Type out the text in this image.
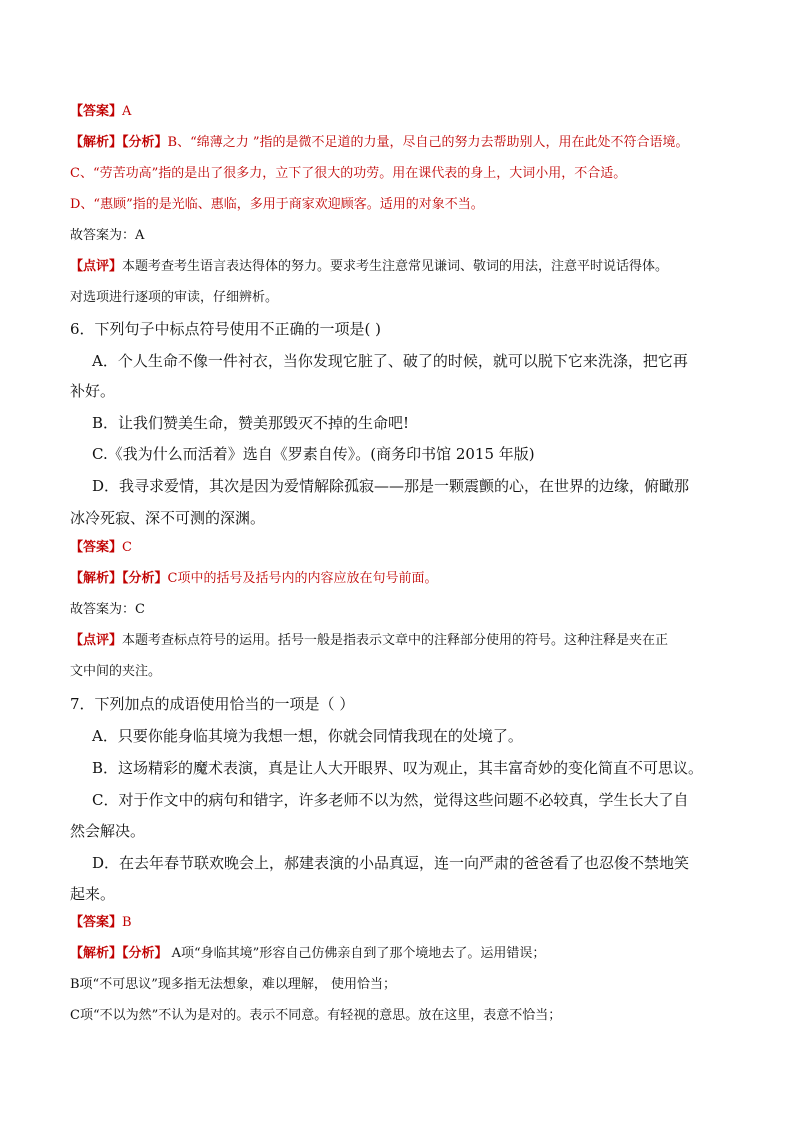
【答案】A
【解析】【分析】B、“绵薄之力 ”指的是微不足道的力量，尽自己的努力去帮助别人，用在此处不符合语境。
C、“劳苦功高”指的是出了很多力，立下了很大的功劳。用在课代表的身上，大词小用，不合适。
D、“惠顾”指的是光临、惠临，多用于商家欢迎顾客。适用的对象不当。
故答案为：A
【点评】本题考查考生语言表达得体的努力。要求考生注意常见谦词、敬词的用法，注意平时说话得体。
对选项进行逐项的审读，仔细辨析。
6．下列句子中标点符号使用不正确的一项是( )
A．个人生命不像一件衬衣，当你发现它脏了、破了的时候，就可以脱下它来洗涤，把它再
补好。
B．让我们赞美生命，赞美那毁灭不掉的生命吧!
C.《我为什么而活着》选自《罗素自传》。(商务印书馆 2015 年版)
D．我寻求爱情，其次是因为爱情解除孤寂——那是一颗震颤的心，在世界的边缘，俯瞰那
冰冷死寂、深不可测的深渊。
【答案】C
【解析】【分析】C项中的括号及括号内的内容应放在句号前面。
故答案为：C
【点评】本题考查标点符号的运用。括号一般是指表示文章中的注释部分使用的符号。这种注释是夹在正
文中间的夹注。
7．下列加点的成语使用恰当的一项是（ ）
A．只要你能身临其境为我想一想，你就会同情我现在的处境了。
B．这场精彩的魔术表演，真是让人大开眼界、叹为观止，其丰富奇妙的变化简直不可思议。
C．对于作文中的病句和错字，许多老师不以为然，觉得这些问题不必较真，学生长大了自
然会解决。
D．在去年春节联欢晚会上，郝建表演的小品真逗，连一向严肃的爸爸看了也忍俊不禁地笑
起来。
【答案】B
【解析】【分析】 A项“身临其境”形容自己仿佛亲自到了那个境地去了。运用错误；
B项“不可思议”现多指无法想象，难以理解， 使用恰当；
C项“不以为然”不认为是对的。表示不同意。有轻视的意思。放在这里，表意不恰当；
